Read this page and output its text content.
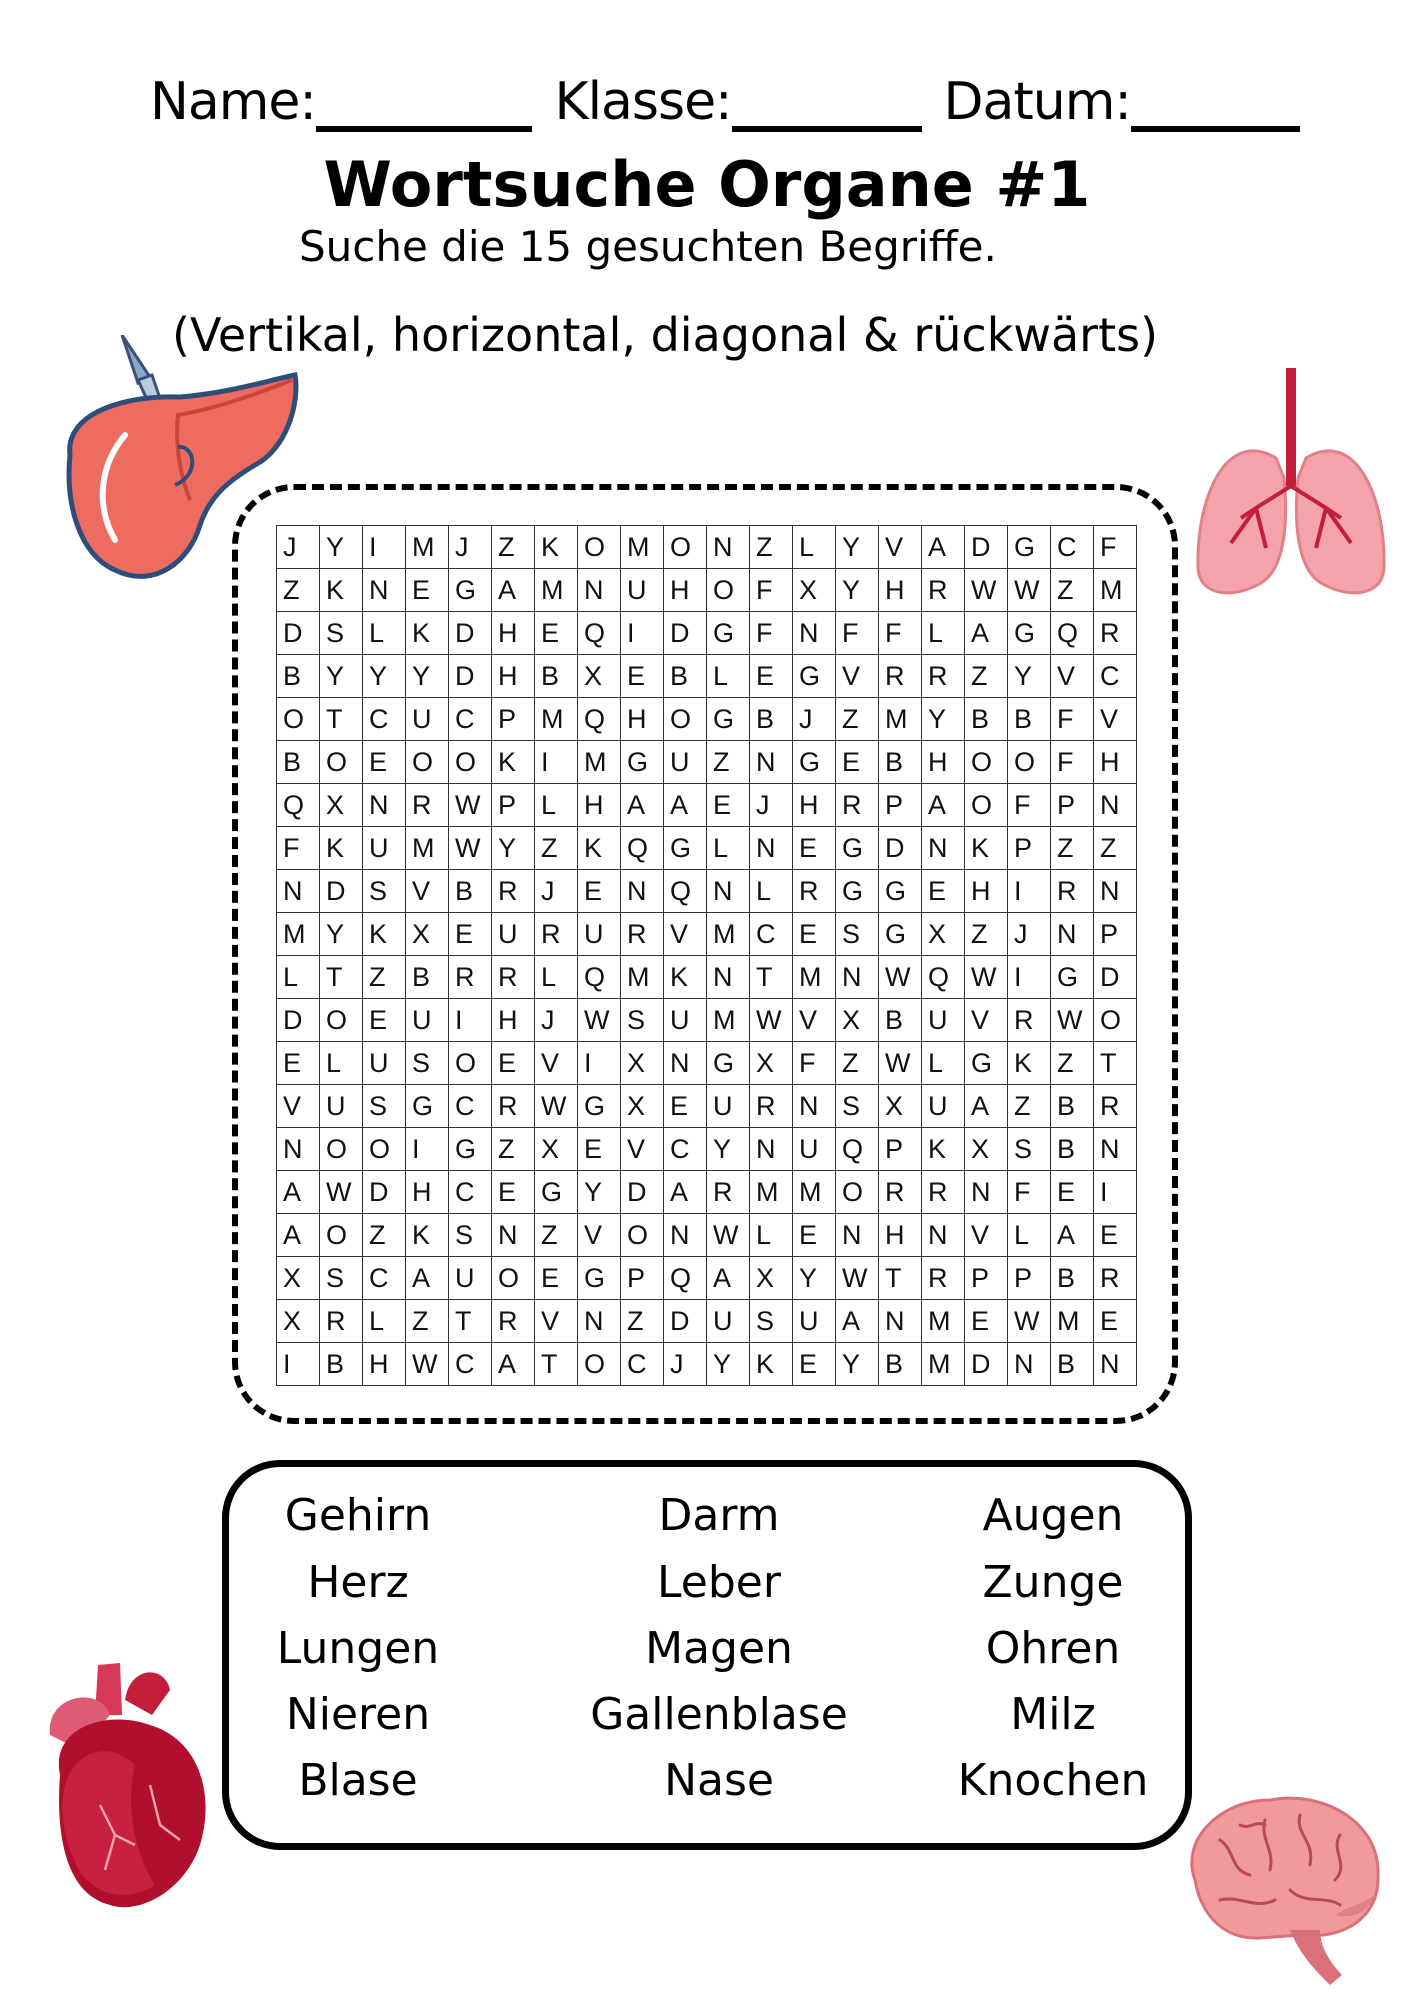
Name:	Klasse:	Datum:
Wortsuche Organe #1
Suche die 15 gesuchten Begriffe.
(Vertikal, horizontal, diagonal & rückwärts)
J	Y I	M J	Z K O M O N Z L	Y V A D G C F
Z K N E G A M N U H O F X Y H R W W Z M
D S L	K D H E Q I	D G F N F F L	A G Q R
B Y Y Y D H B X E B L	E G V R R Z Y V C
O T C U C P M Q H O G B J	Z M Y B B F V
B O E O O K I	M G U Z N G E B H O O F H
Q X N R W P L	H A A E J	H R P A O F P N
F K U M W Y Z K Q G L	N E G D N K P Z Z
N D S V B R J	E N Q N L	R G G E H I	R N
M Y K X E U R U R V M C E S G X Z J	N P
L	T Z B R R L	Q M K N T M N W Q W I	G D
D O E U I	H J	W S U M W V X B U V R W O
E L	U S O E V I	X N G X F Z W L	G K Z T
V U S G C R W G X E U R N S X U A Z B R
N O O I	G Z X E V C Y N U Q P K X S B N
A W D H C E G Y D A R M M O R R N F E I
A O Z K S N Z V O N W L	E N H N V L	A E
X S C A U O E G P Q A X Y W T R P P B R
X R L	Z T R V N Z D U S U A N M E W M E
I	B H W C A T O C J	Y K E Y B M D N B N
Gehirn	Darm	Augen
Herz	Leber	Zunge
Lungen	Magen	Ohren
Nieren	Gallenblase	Milz
Blase	Nase	Knochen
